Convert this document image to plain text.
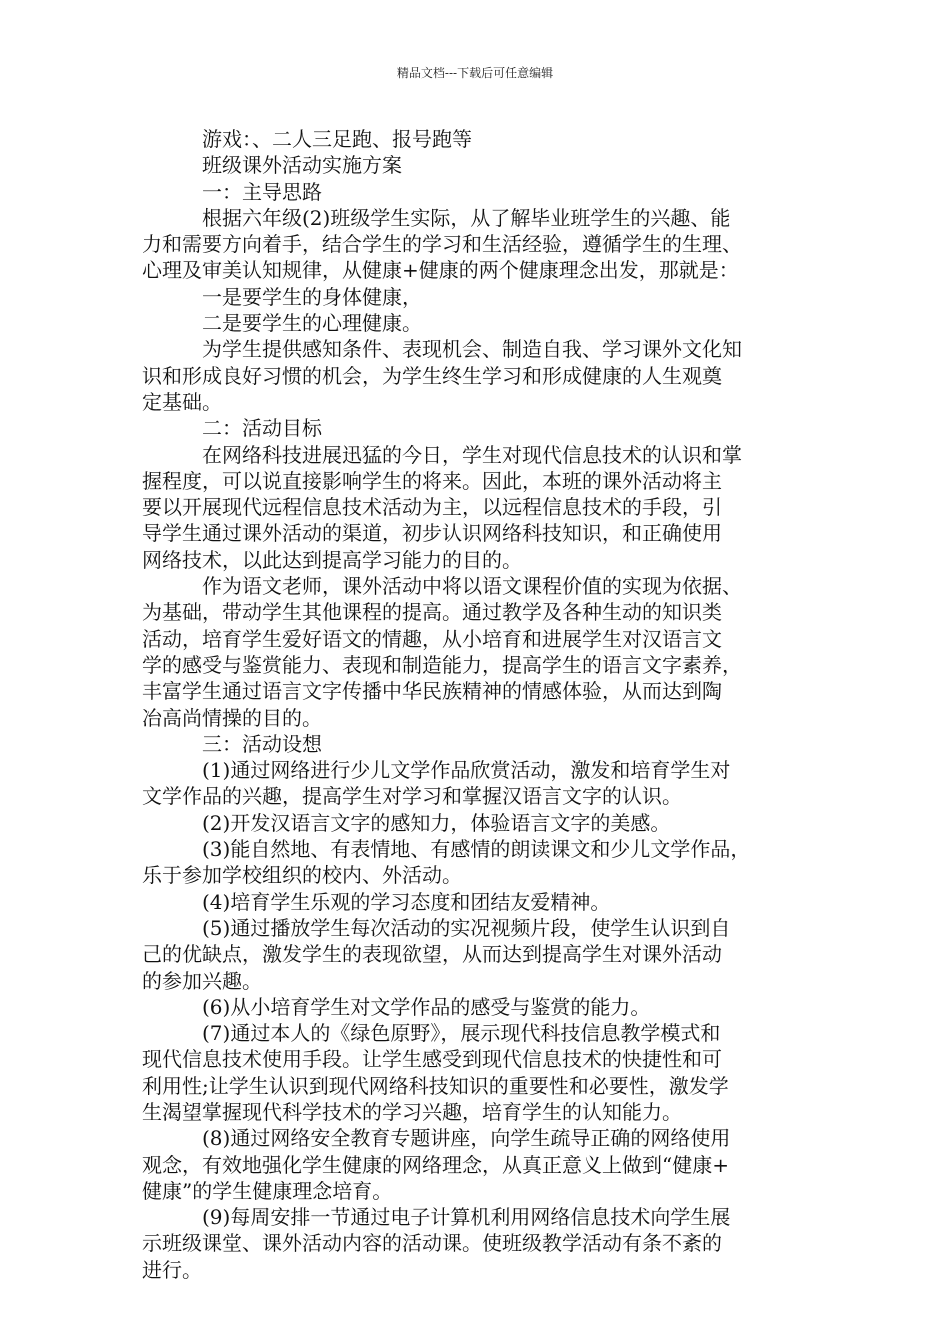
精品文档---下载后可任意编辑

游戏：、二人三足跑、报号跑等

班级课外活动实施方案

一：主导思路

根据六年级(2)班级学生实际，从了解毕业班学生的兴趣、能

力和需要方向着手，结合学生的学习和生活经验，遵循学生的生理、

心理及审美认知规律，从健康+健康的两个健康理念出发，那就是：

一是要学生的身体健康，

二是要学生的心理健康。

为学生提供感知条件、表现机会、制造自我、学习课外文化知

识和形成良好习惯的机会，为学生终生学习和形成健康的人生观奠

定基础。

二：活动目标

在网络科技进展迅猛的今日，学生对现代信息技术的认识和掌

握程度，可以说直接影响学生的将来。因此，本班的课外活动将主

要以开展现代远程信息技术活动为主，以远程信息技术的手段，引

导学生通过课外活动的渠道，初步认识网络科技知识，和正确使用

网络技术，以此达到提高学习能力的目的。

作为语文老师，课外活动中将以语文课程价值的实现为依据、

为基础，带动学生其他课程的提高。通过教学及各种生动的知识类

活动，培育学生爱好语文的情趣，从小培育和进展学生对汉语言文

学的感受与鉴赏能力、表现和制造能力，提高学生的语言文字素养，

丰富学生通过语言文字传播中华民族精神的情感体验，从而达到陶

冶高尚情操的目的。

三：活动设想

(1)通过网络进行少儿文学作品欣赏活动，激发和培育学生对

文学作品的兴趣，提高学生对学习和掌握汉语言文字的认识。

(2)开发汉语言文字的感知力，体验语言文字的美感。

(3)能自然地、有表情地、有感情的朗读课文和少儿文学作品，

乐于参加学校组织的校内、外活动。

(4)培育学生乐观的学习态度和团结友爱精神。

(5)通过播放学生每次活动的实况视频片段，使学生认识到自

己的优缺点，激发学生的表现欲望，从而达到提高学生对课外活动

的参加兴趣。

(6)从小培育学生对文学作品的感受与鉴赏的能力。

(7)通过本人的《绿色原野》，展示现代科技信息教学模式和

现代信息技术使用手段。让学生感受到现代信息技术的快捷性和可

利用性;让学生认识到现代网络科技知识的重要性和必要性，激发学

生渴望掌握现代科学技术的学习兴趣，培育学生的认知能力。

(8)通过网络安全教育专题讲座，向学生疏导正确的网络使用

观念，有效地强化学生健康的网络理念，从真正意义上做到“健康+

健康”的学生健康理念培育。

(9)每周安排一节通过电子计算机利用网络信息技术向学生展

示班级课堂、课外活动内容的活动课。使班级教学活动有条不紊的

进行。
